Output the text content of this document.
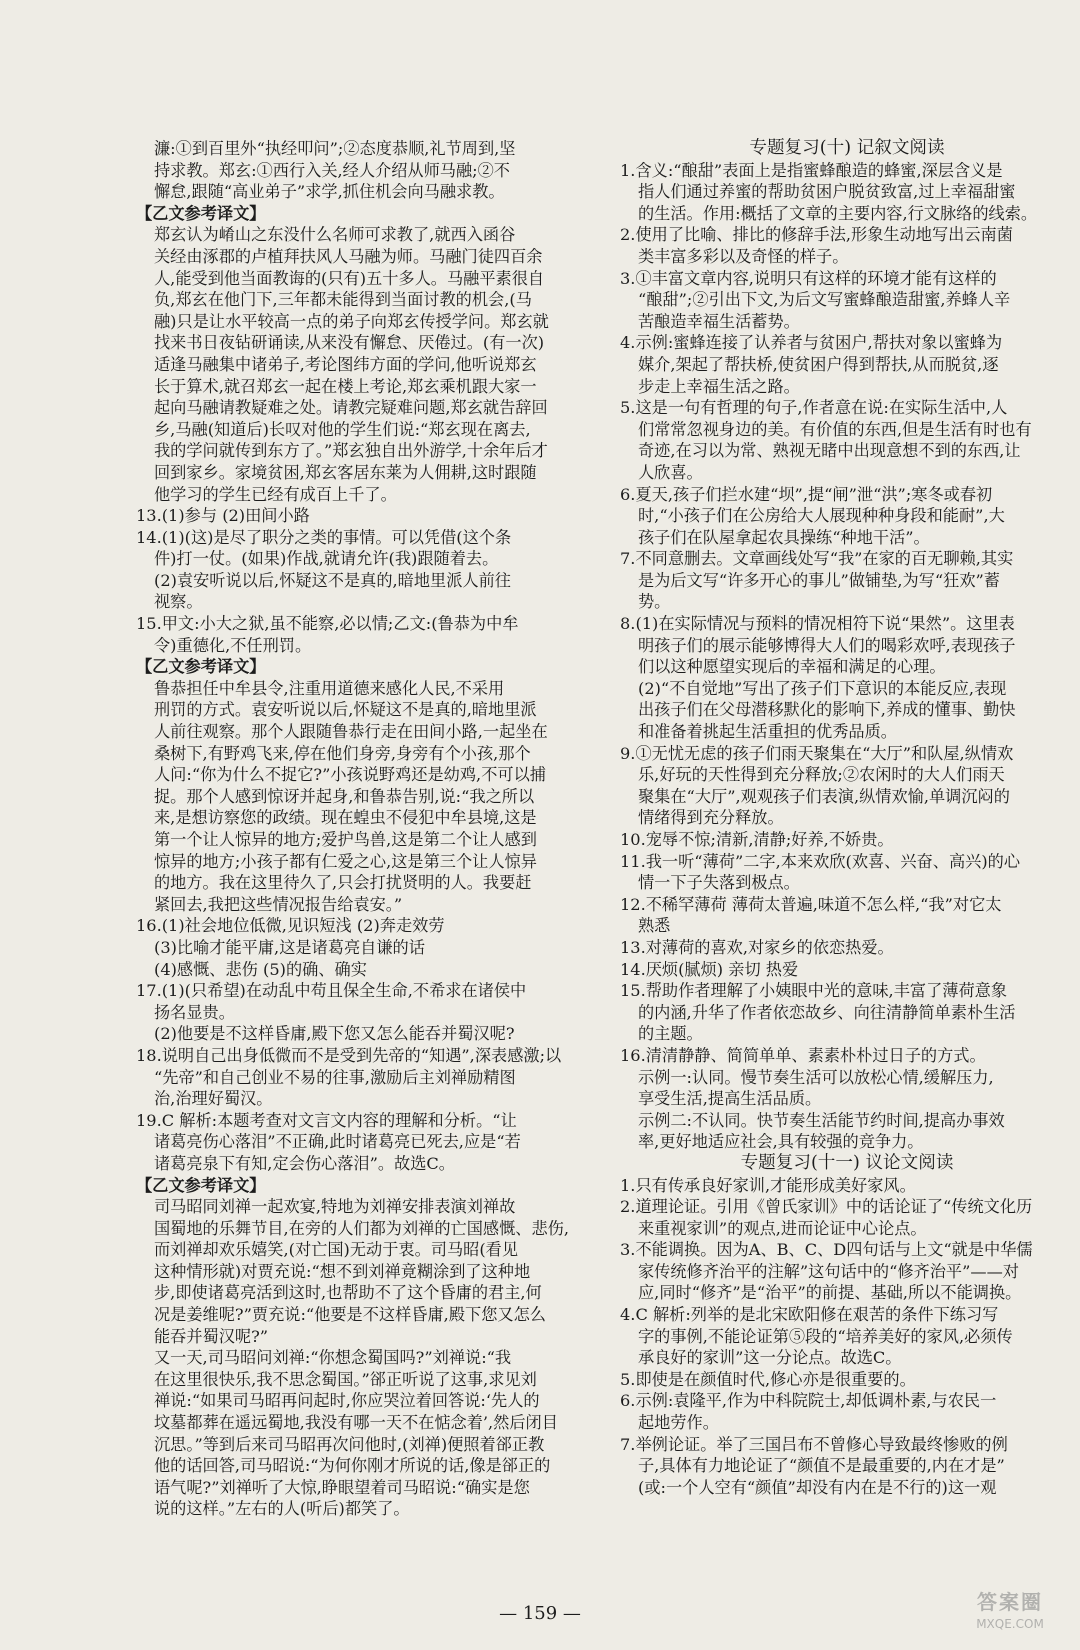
濂:①到百里外“执经叩问”;②态度恭顺,礼节周到,坚
持求教。郑玄:①西行入关,经人介绍从师马融;②不
懈怠,跟随“高业弟子”求学,抓住机会向马融求教。
【乙文参考译文】
郑玄认为崤山之东没什么名师可求教了,就西入函谷
关经由涿郡的卢植拜扶风人马融为师。马融门徒四百余
人,能受到他当面教诲的(只有)五十多人。马融平素很自
负,郑玄在他门下,三年都未能得到当面讨教的机会,(马
融)只是让水平较高一点的弟子向郑玄传授学问。郑玄就
找来书日夜钻研诵读,从来没有懈怠、厌倦过。(有一次)
适逢马融集中诸弟子,考论图纬方面的学问,他听说郑玄
长于算术,就召郑玄一起在楼上考论,郑玄乘机跟大家一
起向马融请教疑难之处。请教完疑难问题,郑玄就告辞回
乡,马融(知道后)长叹对他的学生们说:“郑玄现在离去,
我的学问就传到东方了。”郑玄独自出外游学,十余年后才
回到家乡。家境贫困,郑玄客居东莱为人佣耕,这时跟随
他学习的学生已经有成百上千了。
13.(1)参与 (2)田间小路
14.(1)(这)是尽了职分之类的事情。可以凭借(这个条
件)打一仗。(如果)作战,就请允许(我)跟随着去。
(2)袁安听说以后,怀疑这不是真的,暗地里派人前往
视察。
15.甲文:小大之狱,虽不能察,必以情;乙文:(鲁恭为中牟
令)重德化,不任刑罚。
【乙文参考译文】
鲁恭担任中牟县令,注重用道德来感化人民,不采用
刑罚的方式。袁安听说以后,怀疑这不是真的,暗地里派
人前往观察。那个人跟随鲁恭行走在田间小路,一起坐在
桑树下,有野鸡飞来,停在他们身旁,身旁有个小孩,那个
人问:“你为什么不捉它?”小孩说野鸡还是幼鸡,不可以捕
捉。那个人感到惊讶并起身,和鲁恭告别,说:“我之所以
来,是想访察您的政绩。现在蝗虫不侵犯中牟县境,这是
第一个让人惊异的地方;爱护鸟兽,这是第二个让人感到
惊异的地方;小孩子都有仁爱之心,这是第三个让人惊异
的地方。我在这里待久了,只会打扰贤明的人。我要赶
紧回去,我把这些情况报告给袁安。”
16.(1)社会地位低微,见识短浅 (2)奔走效劳
(3)比喻才能平庸,这是诸葛亮自谦的话
(4)感慨、悲伤 (5)的确、确实
17.(1)(只希望)在动乱中苟且保全生命,不希求在诸侯中
扬名显贵。
(2)他要是不这样昏庸,殿下您又怎么能吞并蜀汉呢?
18.说明自己出身低微而不是受到先帝的“知遇”,深表感激;以
“先帝”和自己创业不易的往事,激励后主刘禅励精图
治,治理好蜀汉。
19.C 解析:本题考查对文言文内容的理解和分析。“让
诸葛亮伤心落泪”不正确,此时诸葛亮已死去,应是“若
诸葛亮泉下有知,定会伤心落泪”。故选C。
【乙文参考译文】
司马昭同刘禅一起欢宴,特地为刘禅安排表演刘禅故
国蜀地的乐舞节目,在旁的人们都为刘禅的亡国感慨、悲伤,
而刘禅却欢乐嬉笑,(对亡国)无动于衷。司马昭(看见
这种情形就)对贾充说:“想不到刘禅竟糊涂到了这种地
步,即使诸葛亮活到这时,也帮助不了这个昏庸的君主,何
况是姜维呢?”贾充说:“他要是不这样昏庸,殿下您又怎么
能吞并蜀汉呢?”
又一天,司马昭问刘禅:“你想念蜀国吗?”刘禅说:“我
在这里很快乐,我不思念蜀国。”郤正听说了这事,求见刘
禅说:“如果司马昭再问起时,你应哭泣着回答说:‘先人的
坟墓都葬在遥远蜀地,我没有哪一天不在惦念着’,然后闭目
沉思。”等到后来司马昭再次问他时,(刘禅)便照着郤正教
他的话回答,司马昭说:“为何你刚才所说的话,像是郤正的
语气呢?”刘禅听了大惊,睁眼望着司马昭说:“确实是您
说的这样。”左右的人(听后)都笑了。
专题复习(十) 记叙文阅读
1.含义:“酿甜”表面上是指蜜蜂酿造的蜂蜜,深层含义是
指人们通过养蜜的帮助贫困户脱贫致富,过上幸福甜蜜
的生活。作用:概括了文章的主要内容,行文脉络的线索。
2.使用了比喻、排比的修辞手法,形象生动地写出云南菌
类丰富多彩以及奇怪的样子。
3.①丰富文章内容,说明只有这样的环境才能有这样的
“酿甜”;②引出下文,为后文写蜜蜂酿造甜蜜,养蜂人辛
苦酿造幸福生活蓄势。
4.示例:蜜蜂连接了认养者与贫困户,帮扶对象以蜜蜂为
媒介,架起了帮扶桥,使贫困户得到帮扶,从而脱贫,逐
步走上幸福生活之路。
5.这是一句有哲理的句子,作者意在说:在实际生活中,人
们常常忽视身边的美。有价值的东西,但是生活有时也有
奇迹,在习以为常、熟视无睹中出现意想不到的东西,让
人欣喜。
6.夏天,孩子们拦水建“坝”,提“闸”泄“洪”;寒冬或春初
时,“小孩子们在公房给大人展现种种身段和能耐”,大
孩子们在队屋拿起农具操练“种地干活”。
7.不同意删去。文章画线处写“我”在家的百无聊赖,其实
是为后文写“许多开心的事儿”做铺垫,为写“狂欢”蓄
势。
8.(1)在实际情况与预料的情况相符下说“果然”。这里表
明孩子们的展示能够博得大人们的喝彩欢呼,表现孩子
们以这种愿望实现后的幸福和满足的心理。
(2)“不自觉地”写出了孩子们下意识的本能反应,表现
出孩子们在父母潜移默化的影响下,养成的懂事、勤快
和准备着挑起生活重担的优秀品质。
9.①无忧无虑的孩子们雨天聚集在“大厅”和队屋,纵情欢
乐,好玩的天性得到充分释放;②农闲时的大人们雨天
聚集在“大厅”,观观孩子们表演,纵情欢愉,单调沉闷的
情绪得到充分释放。
10.宠辱不惊;清新,清静;好养,不娇贵。
11.我一听“薄荷”二字,本来欢欣(欢喜、兴奋、高兴)的心
情一下子失落到极点。
12.不稀罕薄荷 薄荷太普遍,味道不怎么样,“我”对它太
熟悉
13.对薄荷的喜欢,对家乡的依恋热爱。
14.厌烦(腻烦) 亲切 热爱
15.帮助作者理解了小姨眼中光的意味,丰富了薄荷意象
的内涵,升华了作者依恋故乡、向往清静简单素朴生活
的主题。
16.清清静静、简简单单、素素朴朴过日子的方式。
示例一:认同。慢节奏生活可以放松心情,缓解压力,
享受生活,提高生活品质。
示例二:不认同。快节奏生活能节约时间,提高办事效
率,更好地适应社会,具有较强的竞争力。
专题复习(十一) 议论文阅读
1.只有传承良好家训,才能形成美好家风。
2.道理论证。引用《曾氏家训》中的话论证了“传统文化历
来重视家训”的观点,进而论证中心论点。
3.不能调换。因为A、B、C、D四句话与上文“就是中华儒
家传统修齐治平的注解”这句话中的“修齐治平”——对
应,同时“修齐”是“治平”的前提、基础,所以不能调换。
4.C 解析:列举的是北宋欧阳修在艰苦的条件下练习写
字的事例,不能论证第⑤段的“培养美好的家风,必须传
承良好的家训”这一分论点。故选C。
5.即使是在颜值时代,修心亦是很重要的。
6.示例:袁隆平,作为中科院院士,却低调朴素,与农民一
起地劳作。
7.举例论证。举了三国吕布不曾修心导致最终惨败的例
子,具体有力地论证了“颜值不是最重要的,内在才是”
(或:一个人空有“颜值”却没有内在是不行的)这一观
— 159 —	答案圈
MXQE.COM
